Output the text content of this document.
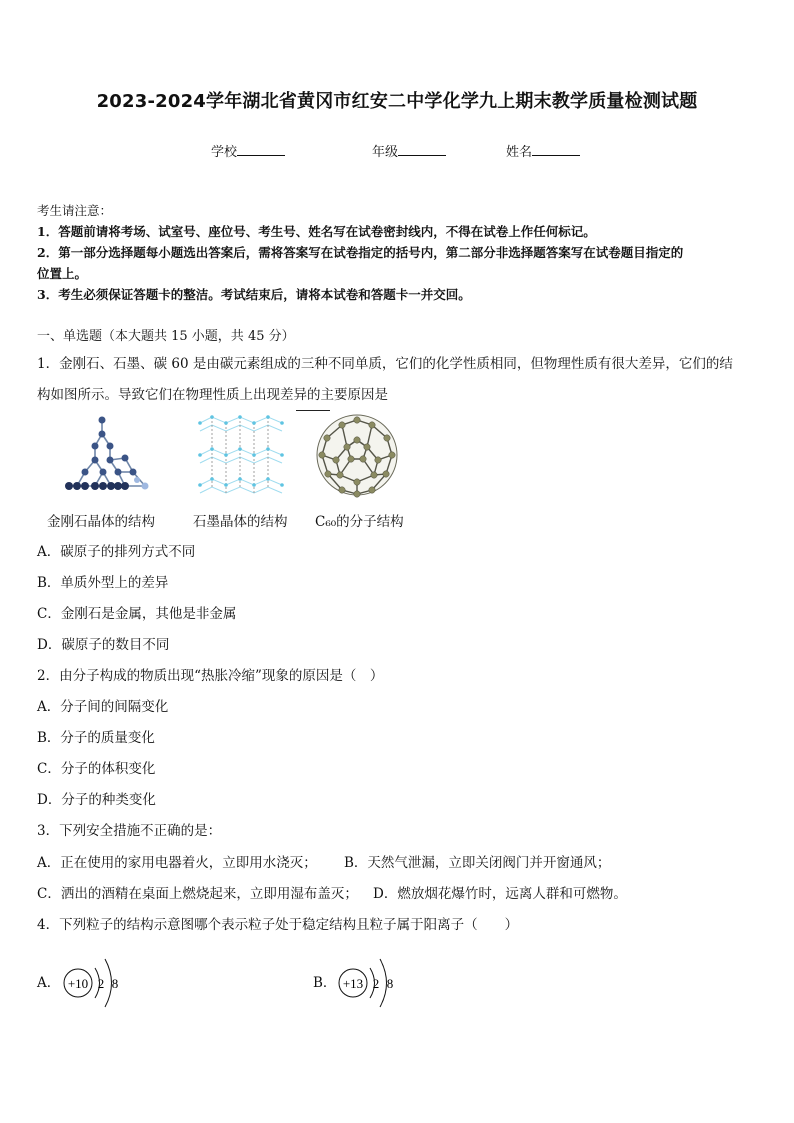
2023-2024学年湖北省黄冈市红安二中学化学九上期末教学质量检测试题
学校	年级	姓名
考生请注意：
1．答题前请将考场、试室号、座位号、考生号、姓名写在试卷密封线内，不得在试卷上作任何标记。
2．第一部分选择题每小题选出答案后，需将答案写在试卷指定的括号内，第二部分非选择题答案写在试卷题目指定的
位置上。
3．考生必须保证答题卡的整洁。考试结束后，请将本试卷和答题卡一并交回。
一、单选题（本大题共 15 小题，共 45 分）
1．金刚石、石墨、碳 60 是由碳元素组成的三种不同单质，它们的化学性质相同，但物理性质有很大差异，它们的结
构如图所示。导致它们在物理性质上出现差异的主要原因是
金刚石晶体的结构	石墨晶体的结构 C₆₀的分子结构
A．碳原子的排列方式不同
B．单质外型上的差异
C．金刚石是金属，其他是非金属
D．碳原子的数目不同
2．由分子构成的物质出现“热胀冷缩”现象的原因是（　）
A．分子间的间隔变化
B．分子的质量变化
C．分子的体积变化
D．分子的种类变化
3．下列安全措施不正确的是：
A．正在使用的家用电器着火，立即用水浇灭； B．天然气泄漏，立即关闭阀门并开窗通风；
C．洒出的酒精在桌面上燃烧起来，立即用湿布盖灭； D．燃放烟花爆竹时，远离人群和可燃物。
4．下列粒子的结构示意图哪个表示粒子处于稳定结构且粒子属于阳离子（　　）
A． +10 2 8	B． +13 2 8
